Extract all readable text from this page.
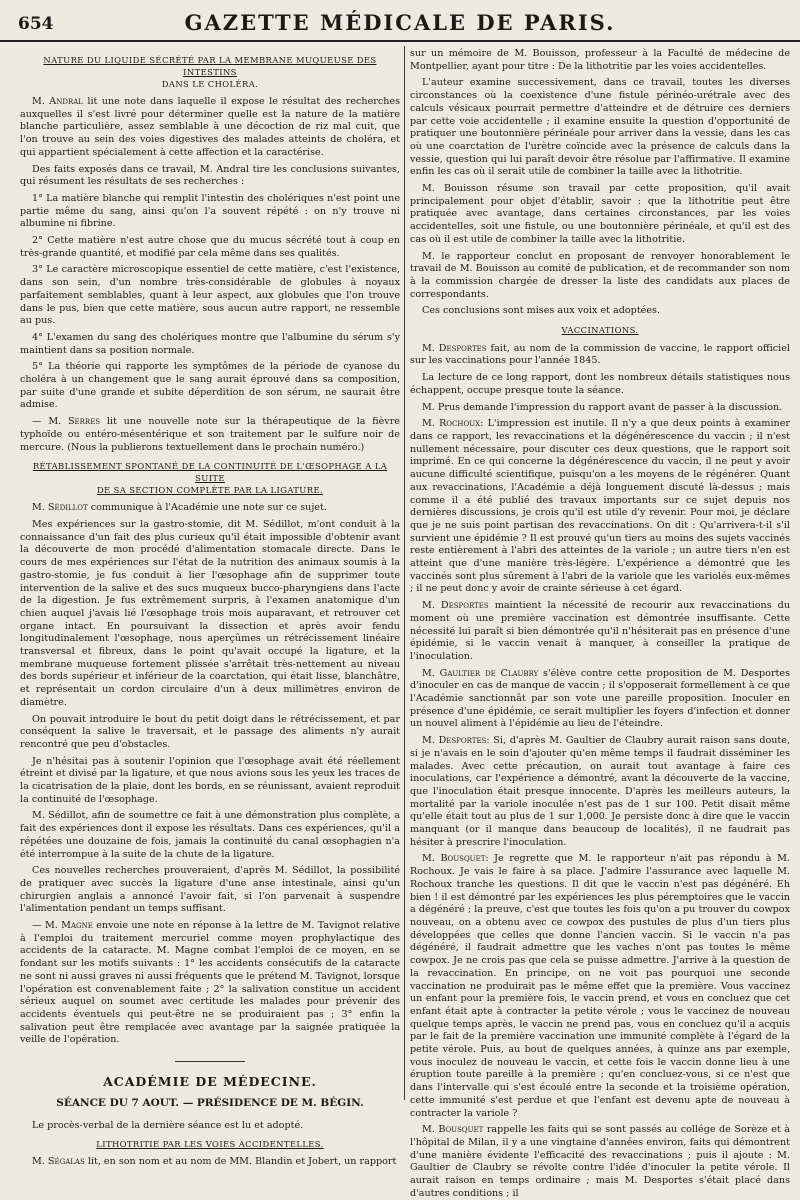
654	GAZETTE MÉDICALE DE PARIS.
NATURE DU LIQUIDE SÉCRÉTÉ PAR LA MEMBRANE MUQUEUSE DES INTESTINS
DANS LE CHOLÉRA.

M. Andral lit une note dans laquelle il expose le résultat des recherches auxquelles il s'est livré pour déterminer quelle est la nature de la matière blanche particulière, assez semblable à une décoction de riz mal cuit, que l'on trouve au sein des voies digestives des malades atteints de choléra, et qui appartient spécialement à cette affection et la caractérise.

Des faits exposés dans ce travail, M. Andral tire les conclusions suivantes, qui résument les résultats de ses recherches :

1° La matière blanche qui remplit l'intestin des cholériques n'est point une partie même du sang, ainsi qu'on l'a souvent répété : on n'y trouve ni albumine ni fibrine.

2° Cette matière n'est autre chose que du mucus sécrété tout à coup en très-grande quantité, et modifié par cela même dans ses qualités.

3° Le caractère microscopique essentiel de cette matière, c'est l'existence, dans son sein, d'un nombre très-considérable de globules à noyaux parfaitement semblables, quant à leur aspect, aux globules que l'on trouve dans le pus, bien que cette matière, sous aucun autre rapport, ne ressemble au pus.

4° L'examen du sang des cholériques montre que l'albumine du sérum s'y maintient dans sa position normale.

5° La théorie qui rapporte les symptômes de la période de cyanose du choléra à un changement que le sang aurait éprouvé dans sa composition, par suite d'une grande et subite déperdition de son sérum, ne saurait être admise.

— M. Serres lit une nouvelle note sur la thérapeutique de la fièvre typhoïde ou entéro-mésentérique et son traitement par le sulfure noir de mercure. (Nous la publierons textuellement dans le prochain numéro.)

RÉTABLISSEMENT SPONTANÉ DE LA CONTINUITÉ DE L'ŒSOPHAGE A LA SUITE
DE SA SECTION COMPLÈTE PAR LA LIGATURE.

M. Sédillot communique à l'Académie une note sur ce sujet.

Mes expériences sur la gastro-stomie, dit M. Sédillot, m'ont conduit à la connaissance d'un fait des plus curieux qu'il était impossible d'obtenir avant la découverte de mon procédé d'alimentation stomacale directe. Dans le cours de mes expériences sur l'état de la nutrition des animaux soumis à la gastro-stomie, je fus conduit à lier l'œsophage afin de supprimer toute intervention de la salive et des sucs muqueux bucco-pharyngiens dans l'acte de la digestion. Je fus extrêmement surpris, à l'examen anatomique d'un chien auquel j'avais lié l'œsophage trois mois auparavant, et retrouver cet organe intact. En poursuivant la dissection et après avoir fendu longitudinalement l'œsophage, nous aperçûmes un rétrécissement linéaire transversal et fibreux, dans le point qu'avait occupé la ligature, et la membrane muqueuse fortement plissée s'arrêtait très-nettement au niveau des bords supérieur et inférieur de la coarctation, qui était lisse, blanchâtre, et représentait un cordon circulaire d'un à deux millimètres environ de diamètre.

On pouvait introduire le bout du petit doigt dans le rétrécissement, et par conséquent la salive le traversait, et le passage des aliments n'y aurait rencontré que peu d'obstacles.

Je n'hésitai pas à soutenir l'opinion que l'œsophage avait été réellement étreint et divisé par la ligature, et que nous avions sous les yeux les traces de la cicatrisation de la plaie, dont les bords, en se réunissant, avaient reproduit la continuité de l'œsophage.

M. Sédillot, afin de soumettre ce fait à une démonstration plus complète, a fait des expériences dont il expose les résultats. Dans ces expériences, qu'il a répétées une douzaine de fois, jamais la continuité du canal œsophagien n'a été interrompue à la suite de la chute de la ligature.

Ces nouvelles recherches prouveraient, d'après M. Sédillot, la possibilité de pratiquer avec succès la ligature d'une anse intestinale, ainsi qu'un chirurgien anglais a annoncé l'avoir fait, si l'on parvenait à suspendre l'alimentation pendant un temps suffisant.

— M. Magne envoie une note en réponse à la lettre de M. Tavignot relative à l'emploi du traitement mercuriel comme moyen prophylactique des accidents de la cataracte. M. Magne combat l'emploi de ce moyen, en se fondant sur les motifs suivants : 1° les accidents consécutifs de la cataracte ne sont ni aussi graves ni aussi fréquents que le prétend M. Tavignot, lorsque l'opération est convenablement faite ; 2° la salivation constitue un accident sérieux auquel on soumet avec certitude les malades pour prévenir des accidents éventuels qui peut-être ne se produiraient pas ; 3° enfin la salivation peut être remplacée avec avantage par la saignée pratiquée la veille de l'opération.

ACADÉMIE DE MÉDECINE.
SÉANCE DU 7 AOUT. — PRÉSIDENCE DE M. BÉGIN.

Le procès-verbal de la dernière séance est lu et adopté.

LITHOTRITIE PAR LES VOIES ACCIDENTELLES.

M. Ségalas lit, en son nom et au nom de MM. Blandin et Jobert, un rapport

sur un mémoire de M. Bouisson, professeur à la Faculté de médecine de Montpellier, ayant pour titre : De la lithotritie par les voies accidentelles.

L'auteur examine successivement, dans ce travail, toutes les diverses circonstances où la coexistence d'une fistule périnéo-urétrale avec des calculs vésicaux pourrait permettre d'atteindre et de détruire ces derniers par cette voie accidentelle ; il examine ensuite la question d'opportunité de pratiquer une boutonnière périnéale pour arriver dans la vessie, dans les cas où une coarctation de l'urètre coïncide avec la présence de calculs dans la vessie, question qui lui paraît devoir être résolue par l'affirmative. Il examine enfin les cas où il serait utile de combiner la taille avec la lithotritie.

M. Bouisson résume son travail par cette proposition, qu'il avait principalement pour objet d'établir, savoir : que la lithotritie peut être pratiquée avec avantage, dans certaines circonstances, par les voies accidentelles, soit une fistule, ou une boutonnière périnéale, et qu'il est des cas où il est utile de combiner la taille avec la lithotritie.

M. le rapporteur conclut en proposant de renvoyer honorablement le travail de M. Bouisson au comité de publication, et de recommander son nom à la commission chargée de dresser la liste des candidats aux places de correspondants.

Ces conclusions sont mises aux voix et adoptées.

VACCINATIONS.

M. Desportes fait, au nom de la commission de vaccine, le rapport officiel sur les vaccinations pour l'année 1845.

La lecture de ce long rapport, dont les nombreux détails statistiques nous échappent, occupe presque toute la séance.

M. Prus demande l'impression du rapport avant de passer à la discussion.

M. Rochoux: L'impression est inutile. Il n'y a que deux points à examiner dans ce rapport, les revaccinations et la dégénérescence du vaccin ; il n'est nullement nécessaire, pour discuter ces deux questions, que le rapport soit imprimé. En ce qui concerne la dégénérescence du vaccin, il ne peut y avoir aucune difficulté scientifique, puisqu'on a les moyens de le régénérer. Quant aux revaccinations, l'Académie a déjà longuement discuté là-dessus ; mais comme il a été publié des travaux importants sur ce sujet depuis nos dernières discussions, je crois qu'il est utile d'y revenir. Pour moi, je déclare que je ne suis point partisan des revaccinations. On dit : Qu'arrivera-t-il s'il survient une épidémie ? Il est prouvé qu'un tiers au moins des sujets vaccinés reste entièrement à l'abri des atteintes de la variole ; un autre tiers n'en est atteint que d'une manière très-légère. L'expérience a démontré que les vaccinés sont plus sûrement à l'abri de la variole que les variolés eux-mêmes ; il ne peut donc y avoir de crainte sérieuse à cet égard.

M. Desportes maintient la nécessité de recourir aux revaccinations du moment où une première vaccination est démontrée insuffisante. Cette nécessité lui paraît si bien démontrée qu'il n'hésiterait pas en présence d'une épidémie, si le vaccin venait à manquer, à conseiller la pratique de l'inoculation.

M. Gaultier de Claubry s'élève contre cette proposition de M. Desportes d'inoculer en cas de manque de vaccin ; il s'opposerait formellement à ce que l'Académie sanctionnât par son vote une pareille proposition. Inoculer en présence d'une épidémie, ce serait multiplier les foyers d'infection et donner un nouvel aliment à l'épidémie au lieu de l'éteindre.

M. Desportes: Si, d'après M. Gaultier de Claubry aurait raison sans doute, si je n'avais en le soin d'ajouter qu'en même temps il faudrait disséminer les malades. Avec cette précaution, on aurait tout avantage à faire ces inoculations, car l'expérience a démontré, avant la découverte de la vaccine, que l'inoculation était presque innocente. D'après les meilleurs auteurs, la mortalité par la variole inoculée n'est pas de 1 sur 100. Petit disait même qu'elle était tout au plus de 1 sur 1,000. Je persiste donc à dire que le vaccin manquant (or il manque dans beaucoup de localités), il ne faudrait pas hésiter à prescrire l'inoculation.

M. Bousquet: Je regrette que M. le rapporteur n'ait pas répondu à M. Rochoux. Je vais le faire à sa place. J'admire l'assurance avec laquelle M. Rochoux tranche les questions. Il dit que le vaccin n'est pas dégénéré. Eh bien ! il est démontré par les expériences les plus péremptoires que le vaccin a dégénéré ; la preuve, c'est que toutes les fois qu'on a pu trouver du cowpox nouveau, on a obtenu avec ce cowpox des pustules de plus d'un tiers plus développées que celles que donne l'ancien vaccin. Si le vaccin n'a pas dégénéré, il faudrait admettre que les vaches n'ont pas toutes le même cowpox. Je ne crois pas que cela se puisse admettre. J'arrive à la question de la revaccination. En principe, on ne voit pas pourquoi une seconde vaccination ne produirait pas le même effet que la première. Vous vaccinez un enfant pour la première fois, le vaccin prend, et vous en concluez que cet enfant était apte à contracter la petite vérole ; vous le vaccinez de nouveau quelque temps après, le vaccin ne prend pas, vous en concluez qu'il a acquis par le fait de la première vaccination une immunité complète à l'égard de la petite vérole. Puis, au bout de quelques années, à quinze ans par exemple, vous inoculez de nouveau le vaccin, et cette fois le vaccin donne lieu à une éruption toute pareille à la première ; qu'en concluez-vous, si ce n'est que dans l'intervalle qui s'est écoulé entre la seconde et la troisième opération, cette immunité s'est perdue et que l'enfant est devenu apte de nouveau à contracter la variole ?

M. Bousquet rappelle les faits qui se sont passés au collége de Sorèze et à l'hôpital de Milan, il y a une vingtaine d'années environ, faits qui démontrent d'une manière évidente l'efficacité des revaccinations ; puis il ajoute : M. Gaultier de Claubry se révolte contre l'idée d'inoculer la petite vérole. Il aurait raison en temps ordinaire ; mais M. Desportes s'était placé dans d'autres conditions ; il
